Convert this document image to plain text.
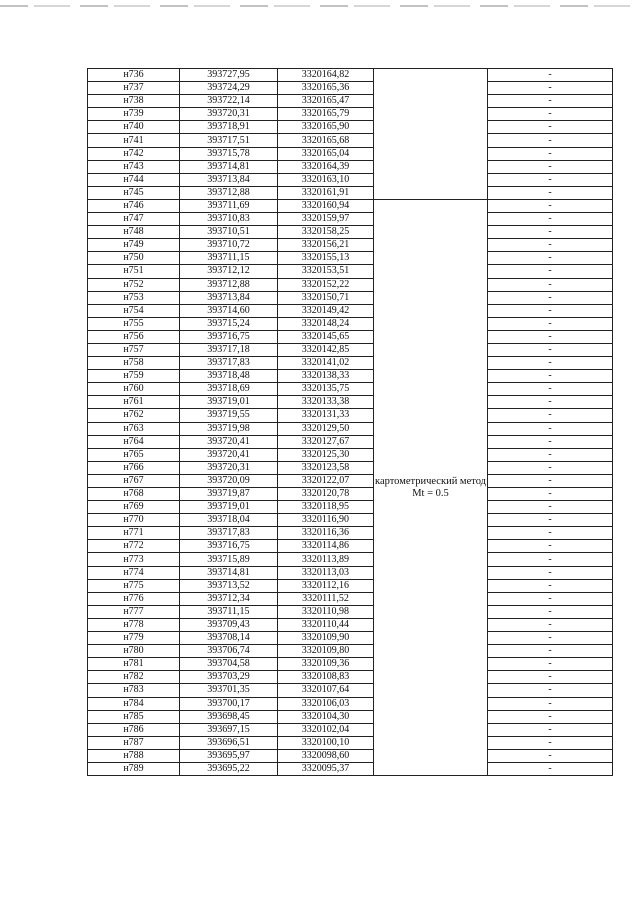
н736	393727,95	3320164,82		-
н737	393724,29	3320165,36		-
н738	393722,14	3320165,47		-
н739	393720,31	3320165,79		-
н740	393718,91	3320165,90		-
н741	393717,51	3320165,68		-
н742	393715,78	3320165,04		-
н743	393714,81	3320164,39		-
н744	393713,84	3320163,10		-
н745	393712,88	3320161,91		-
н746	393711,69	3320160,94	картометрический метод Mt = 0.5	-
н747	393710,83	3320159,97		-
н748	393710,51	3320158,25		-
н749	393710,72	3320156,21		-
н750	393711,15	3320155,13		-
н751	393712,12	3320153,51		-
н752	393712,88	3320152,22		-
н753	393713,84	3320150,71		-
н754	393714,60	3320149,42		-
н755	393715,24	3320148,24		-
н756	393716,75	3320145,65		-
н757	393717,18	3320142,85		-
н758	393717,83	3320141,02		-
н759	393718,48	3320138,33		-
н760	393718,69	3320135,75		-
н761	393719,01	3320133,38		-
н762	393719,55	3320131,33		-
н763	393719,98	3320129,50		-
н764	393720,41	3320127,67		-
н765	393720,41	3320125,30		-
н766	393720,31	3320123,58		-
н767	393720,09	3320122,07		-
н768	393719,87	3320120,78		-
н769	393719,01	3320118,95		-
н770	393718,04	3320116,90		-
н771	393717,83	3320116,36		-
н772	393716,75	3320114,86		-
н773	393715,89	3320113,89		-
н774	393714,81	3320113,03		-
н775	393713,52	3320112,16		-
н776	393712,34	3320111,52		-
н777	393711,15	3320110,98		-
н778	393709,43	3320110,44		-
н779	393708,14	3320109,90		-
н780	393706,74	3320109,80		-
н781	393704,58	3320109,36		-
н782	393703,29	3320108,83		-
н783	393701,35	3320107,64		-
н784	393700,17	3320106,03		-
н785	393698,45	3320104,30		-
н786	393697,15	3320102,04		-
н787	393696,51	3320100,10		-
н788	393695,97	3320098,60		-
н789	393695,22	3320095,37		-
